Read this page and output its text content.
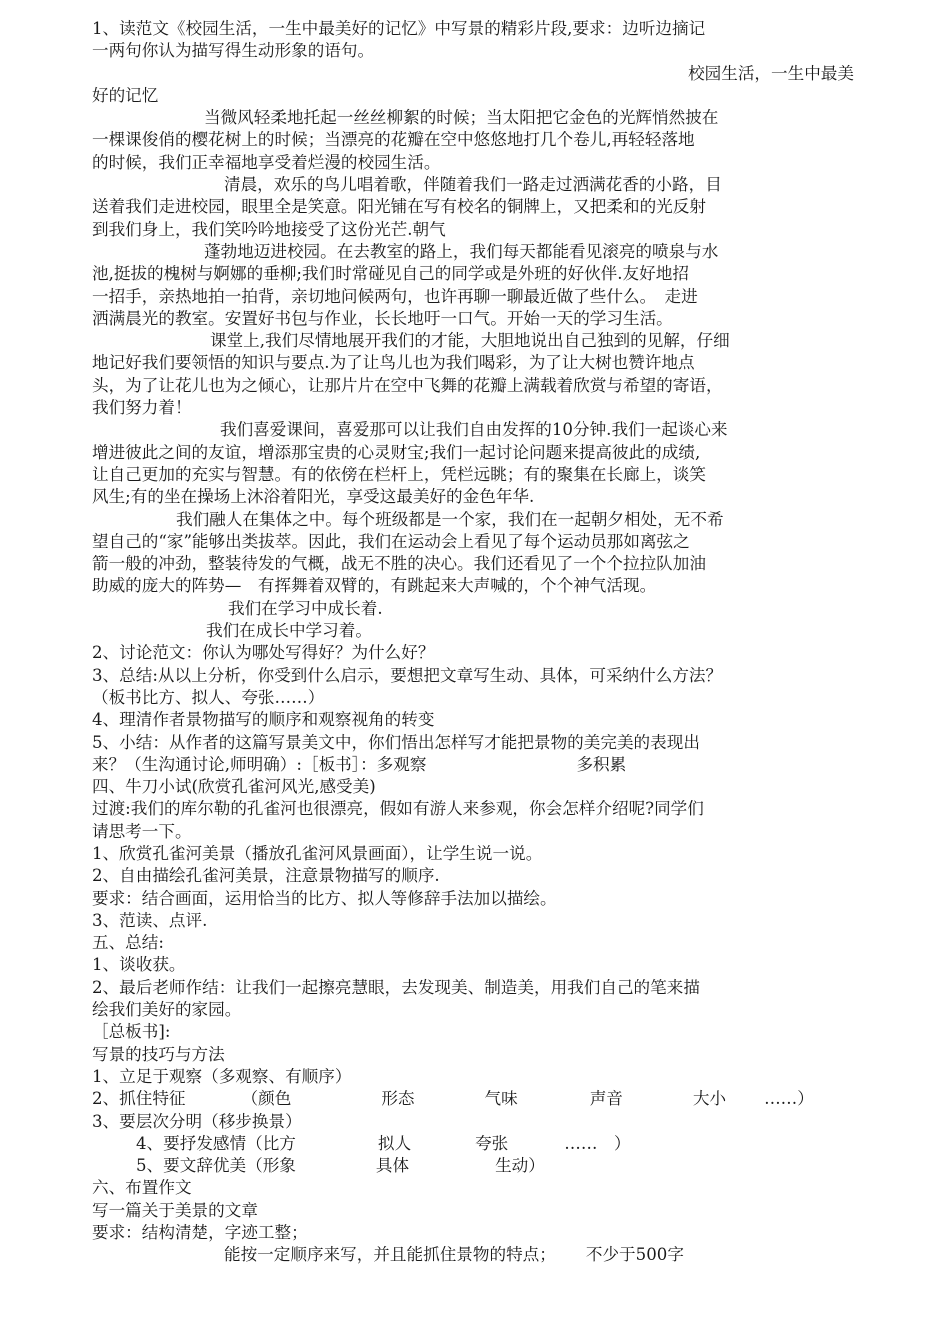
1、读范文《校园生活，一生中最美好的记忆》中写景的精彩片段,要求：边听边摘记
一两句你认为描写得生动形象的语句。
校园生活，一生中最美
好的记忆
当微风轻柔地托起一丝丝柳絮的时候；当太阳把它金色的光辉悄然披在
一棵课俊俏的樱花树上的时候；当漂亮的花瓣在空中悠悠地打几个卷儿,再轻轻落地
的时候，我们正幸福地享受着烂漫的校园生活。
清晨，欢乐的鸟儿唱着歌，伴随着我们一路走过洒满花香的小路，目
送着我们走进校园，眼里全是笑意。阳光铺在写有校名的铜牌上，又把柔和的光反射
到我们身上，我们笑吟吟地接受了这份光芒.朝气
蓬勃地迈进校园。在去教室的路上，我们每天都能看见滚亮的喷泉与水
池,挺拔的槐树与婀娜的垂柳;我们时常碰见自己的同学或是外班的好伙伴.友好地招
一招手，亲热地拍一拍背，亲切地问候两句，也许再聊一聊最近做了些什么。　走进
洒满晨光的教室。安置好书包与作业，长长地吁一口气。开始一天的学习生活。
课堂上,我们尽情地展开我们的才能，大胆地说出自己独到的见解，仔细
地记好我们要领悟的知识与要点.为了让鸟儿也为我们喝彩，为了让大树也赞许地点
头，为了让花儿也为之倾心，让那片片在空中飞舞的花瓣上满载着欣赏与希望的寄语，
我们努力着！
我们喜爱课间，喜爱那可以让我们自由发挥的10分钟.我们一起谈心来
增进彼此之间的友谊，增添那宝贵的心灵财宝;我们一起讨论问题来提高彼此的成绩,
让自己更加的充实与智慧。有的依傍在栏杆上，凭栏远眺；有的聚集在长廊上，谈笑
风生;有的坐在操场上沐浴着阳光，享受这最美好的金色年华.
我们融人在集体之中。每个班级都是一个家，我们在一起朝夕相处，无不希
望自己的“家”能够出类拔萃。因此，我们在运动会上看见了每个运动员那如离弦之
箭一般的冲劲，整装待发的气概，战无不胜的决心。我们还看见了一个个拉拉队加油
助威的庞大的阵势—　有挥舞着双臂的，有跳起来大声喊的，个个神气活现。
我们在学习中成长着.
我们在成长中学习着。
2、讨论范文：你认为哪处写得好？为什么好？
3、总结:从以上分析，你受到什么启示，要想把文章写生动、具体，可采纳什么方法？
（板书比方、拟人、夸张……）
4、理清作者景物描写的顺序和观察视角的转变
5、小结：从作者的这篇写景美文中，你们悟出怎样写才能把景物的美完美的表现出
来？（生沟通讨论,师明确）:［板书］：多观察	多积累
四、牛刀小试(欣赏孔雀河风光,感受美)
过渡:我们的库尔勒的孔雀河也很漂亮，假如有游人来参观，你会怎样介绍呢?同学们
请思考一下。
1、欣赏孔雀河美景（播放孔雀河风景画面），让学生说一说。
2、自由描绘孔雀河美景，注意景物描写的顺序.
要求：结合画面，运用恰当的比方、拟人等修辞手法加以描绘。
3、范读、点评.
五、总结:
1、谈收获。
2、最后老师作结：让我们一起擦亮慧眼，去发现美、制造美，用我们自己的笔来描
绘我们美好的家园。
［总板书]:
写景的技巧与方法
1、立足于观察（多观察、有顺序）
2、抓住特征	（颜色	形态	气味	声音	大小 ……）
3、要层次分明（移步换景）
4、要抒发感情（比方	拟人	夸张	……　）
5、要文辞优美（形象	具体	生动）
六、布置作文
写一篇关于美景的文章
要求：结构清楚，字迹工整；
能按一定顺序来写，并且能抓住景物的特点； 不少于500字
